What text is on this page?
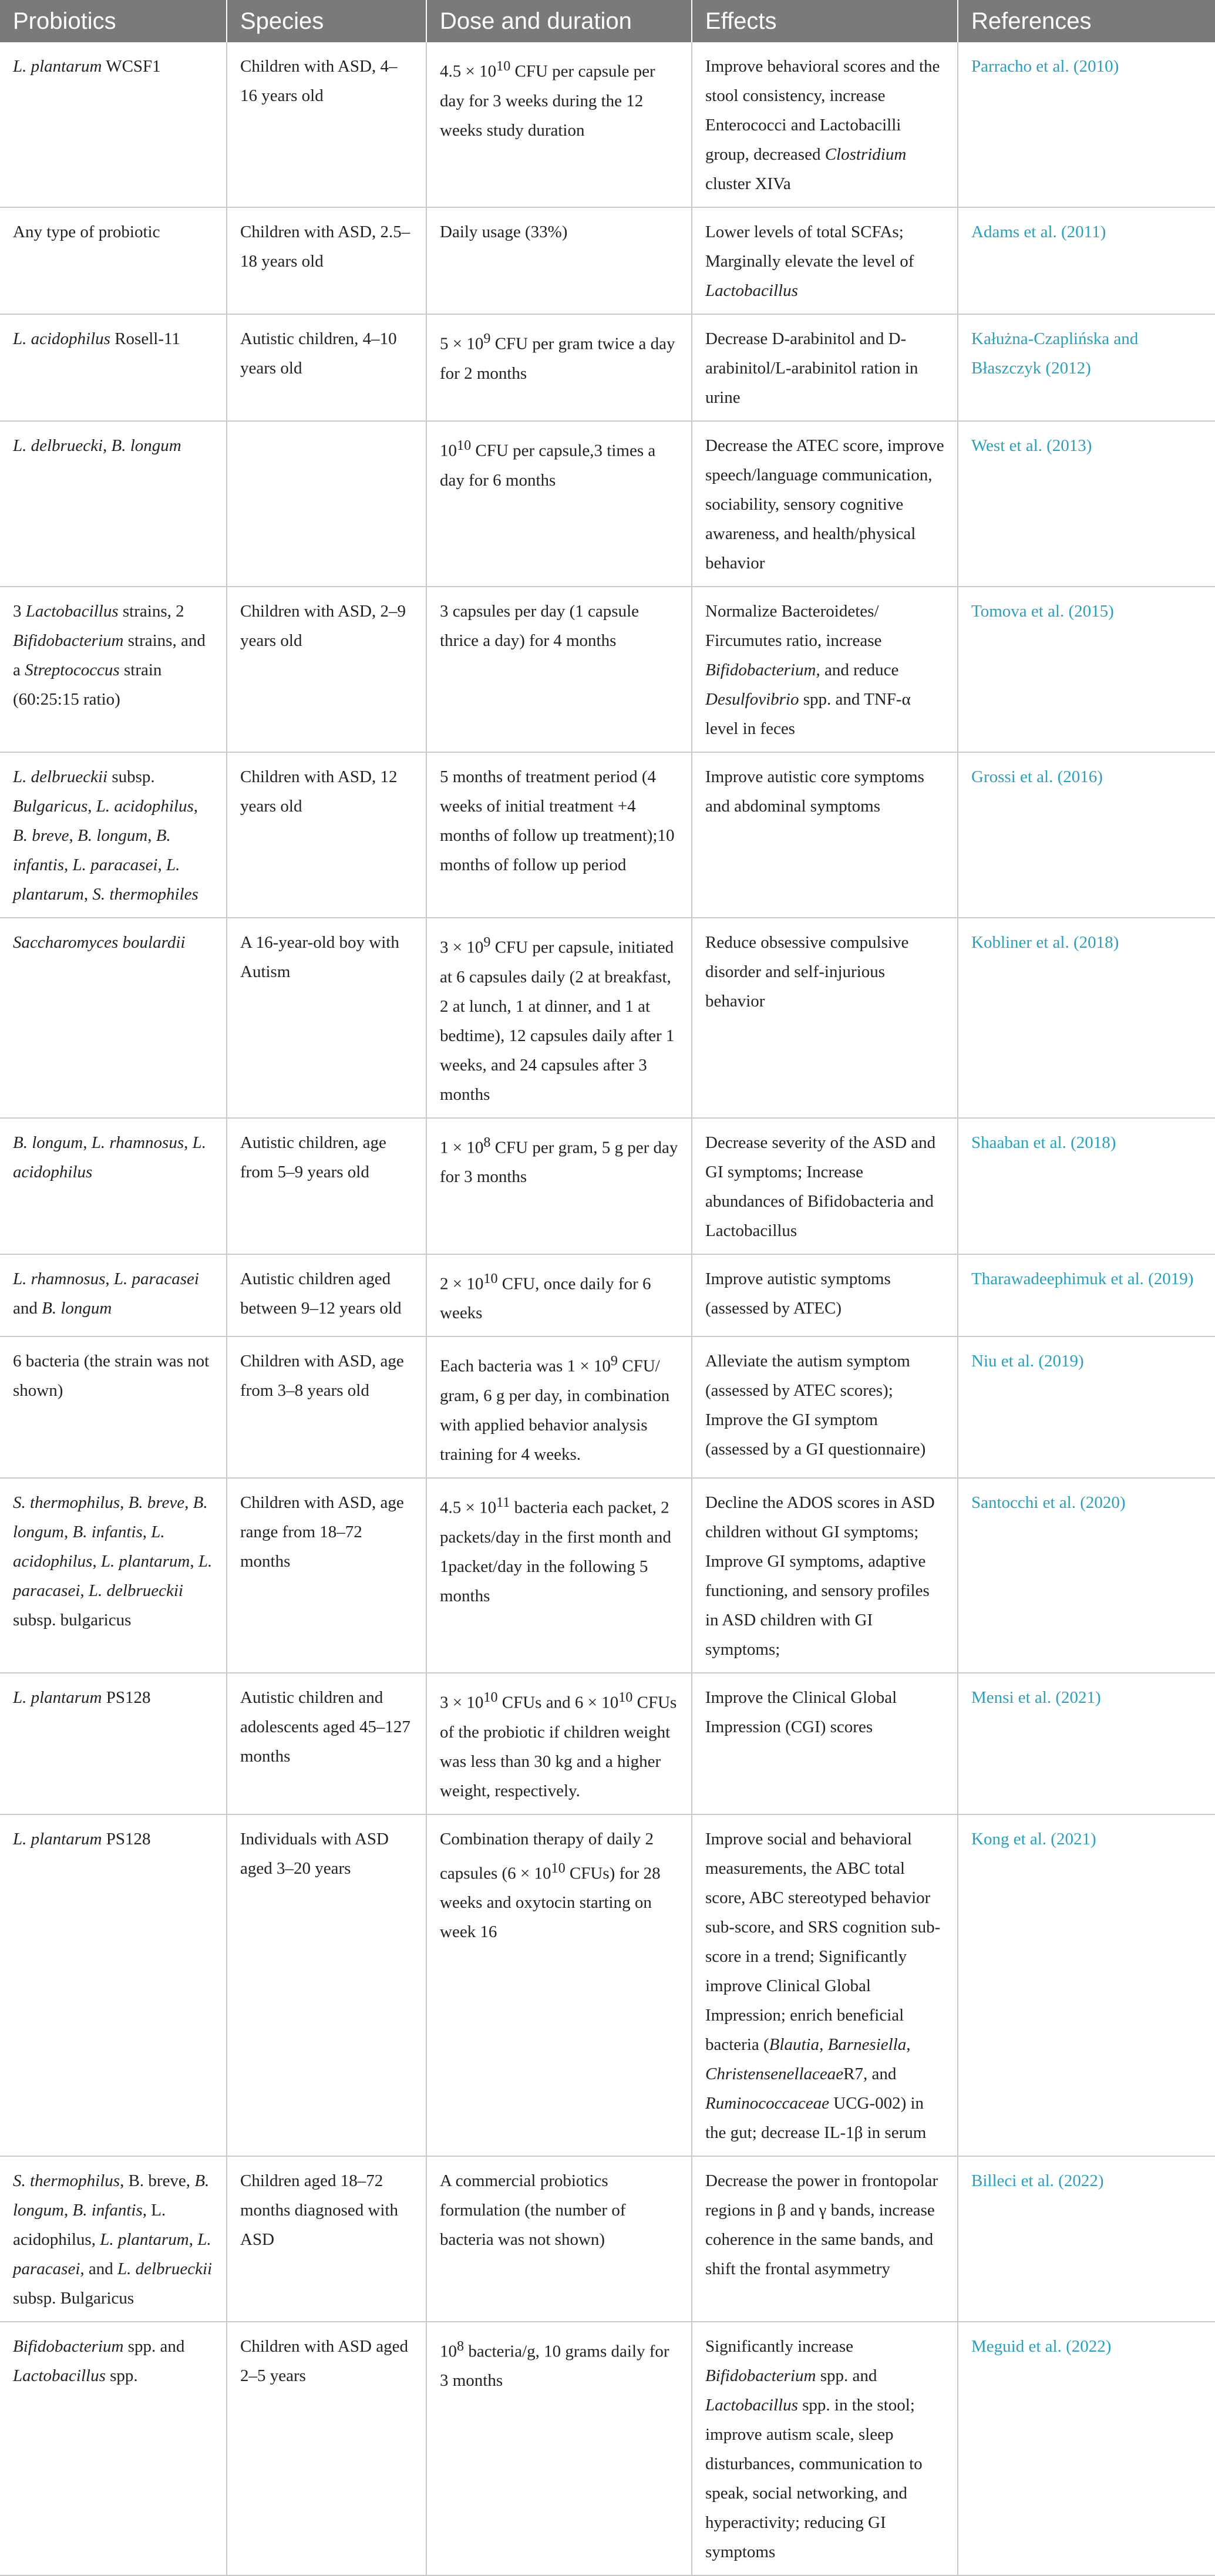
Probiotics	Species	Dose and duration	Effects	References
L. plantarum WCSF1	Children with ASD, 4–16 years old	$4.5 \times 10^{10}$ CFU per capsule per day for 3 weeks during the 12 weeks study duration	Improve behavioral scores and the stool consistency, increase Enterococci and Lactobacilli group, decreased Clostridium cluster XIVa	Parracho et al. (2010)
Any type of probiotic	Children with ASD, 2.5–18 years old	Daily usage (33%)	Lower levels of total SCFAs; Marginally elevate the level of Lactobacillus	Adams et al. (2011)
L. acidophilus Rosell-11	Autistic children, 4–10 years old	$5 \times 10^9$ CFU per gram twice a day for 2 months	Decrease D-arabinitol and D-arabinitol/L-arabinitol ration in urine	Kałużna-Czaplińska and Błaszczyk (2012)
L. delbruecki, B. longum		$10^{10}$ CFU per capsule,3 times a day for 6 months	Decrease the ATEC score, improve speech/language communication, sociability, sensory cognitive awareness, and health/physical behavior	West et al. (2013)
3 Lactobacillus strains, 2 Bifidobacterium strains, and a Streptococcus strain (60:25:15 ratio)	Children with ASD, 2–9 years old	3 capsules per day (1 capsule thrice a day) for 4 months	Normalize Bacteroidetes/ Fircumutes ratio, increase Bifidobacterium, and reduce Desulfovibrio spp. and TNF-α level in feces	Tomova et al. (2015)
L. delbrueckii subsp. Bulgaricus, L. acidophilus, B. breve, B. longum, B. infantis, L. paracasei, L. plantarum, S. thermophiles	Children with ASD, 12 years old	5 months of treatment period (4 weeks of initial treatment +4 months of follow up treatment);10 months of follow up period	Improve autistic core symptoms and abdominal symptoms	Grossi et al. (2016)
Saccharomyces boulardii	A 16-year-old boy with Autism	$3 \times 10^9$ CFU per capsule, initiated at 6 capsules daily (2 at breakfast, 2 at lunch, 1 at dinner, and 1 at bedtime), 12 capsules daily after 1 weeks, and 24 capsules after 3 months	Reduce obsessive compulsive disorder and self-injurious behavior	Kobliner et al. (2018)
B. longum, L. rhamnosus, L. acidophilus	Autistic children, age from 5–9 years old	$1 \times 10^8$ CFU per gram, 5 g per day for 3 months	Decrease severity of the ASD and GI symptoms; Increase abundances of Bifidobacteria and Lactobacillus	Shaaban et al. (2018)
L. rhamnosus, L. paracasei and B. longum	Autistic children aged between 9–12 years old	$2 \times 10^{10}$ CFU, once daily for 6 weeks	Improve autistic symptoms (assessed by ATEC)	Tharawadeephimuk et al. (2019)
6 bacteria (the strain was not shown)	Children with ASD, age from 3–8 years old	Each bacteria was $1 \times 10^9$ CFU/ gram, 6 g per day, in combination with applied behavior analysis training for 4 weeks.	Alleviate the autism symptom (assessed by ATEC scores); Improve the GI symptom (assessed by a GI questionnaire)	Niu et al. (2019)
S. thermophilus, B. breve, B. longum, B. infantis, L. acidophilus, L. plantarum, L. paracasei, L. delbrueckii subsp. bulgaricus	Children with ASD, age range from 18–72 months	$4.5 \times 10^{11}$ bacteria each packet, 2 packets/day in the first month and 1packet/day in the following 5 months	Decline the ADOS scores in ASD children without GI symptoms; Improve GI symptoms, adaptive functioning, and sensory profiles in ASD children with GI symptoms;	Santocchi et al. (2020)
L. plantarum PS128	Autistic children and adolescents aged 45–127 months	$3 \times 10^{10}$ CFUs and $6 \times 10^{10}$ CFUs of the probiotic if children weight was less than 30 kg and a higher weight, respectively.	Improve the Clinical Global Impression (CGI) scores	Mensi et al. (2021)
L. plantarum PS128	Individuals with ASD aged 3–20 years	Combination therapy of daily 2 capsules ($6 \times 10^{10}$ CFUs) for 28 weeks and oxytocin starting on week 16	Improve social and behavioral measurements, the ABC total score, ABC stereotyped behavior sub-score, and SRS cognition sub-score in a trend; Significantly improve Clinical Global Impression; enrich beneficial bacteria (Blautia, Barnesiella, ChristensenellaceaeR7, and Ruminococcaceae UCG-002) in the gut; decrease IL-1β in serum	Kong et al. (2021)
S. thermophilus, B. breve, B. longum, B. infantis, L. acidophilus, L. plantarum, L. paracasei, and L. delbrueckii subsp. Bulgaricus	Children aged 18–72 months diagnosed with ASD	A commercial probiotics formulation (the number of bacteria was not shown)	Decrease the power in frontopolar regions in β and γ bands, increase coherence in the same bands, and shift the frontal asymmetry	Billeci et al. (2022)
Bifidobacterium spp. and Lactobacillus spp.	Children with ASD aged 2–5 years	$10^8$ bacteria/g, 10 grams daily for 3 months	Significantly increase Bifidobacterium spp. and Lactobacillus spp. in the stool; improve autism scale, sleep disturbances, communication to speak, social networking, and hyperactivity; reducing GI symptoms	Meguid et al. (2022)
